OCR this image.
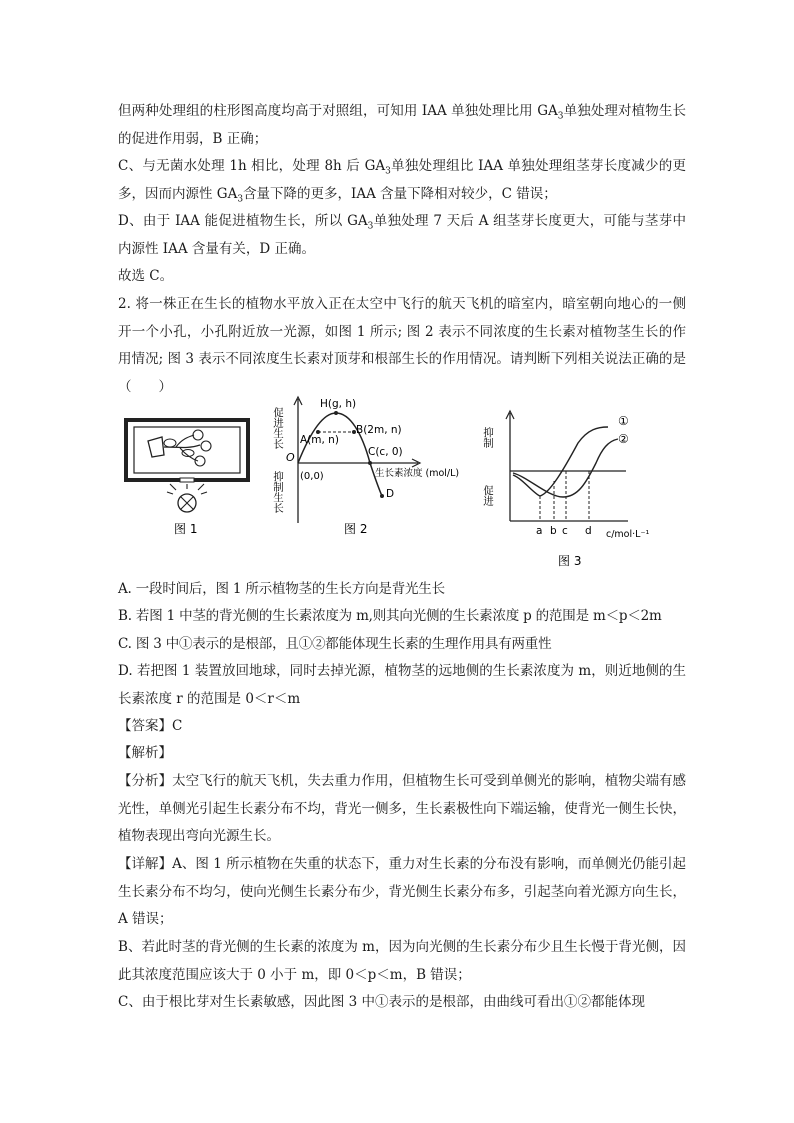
但两种处理组的柱形图高度均高于对照组，可知用 IAA 单独处理比用 $GA_3$单独处理对植物生长的促进作用弱，B 正确；

C、与无菌水处理 1h 相比，处理 8h 后 $GA_3$单独处理组比 IAA 单独处理组茎芽长度减少的更多，因而内源性 $GA_3$含量下降的更多，IAA 含量下降相对较少，C 错误；

D、由于 IAA 能促进植物生长，所以 $GA_3$单独处理 7 天后 A 组茎芽长度更大，可能与茎芽中内源性 IAA 含量有关，D 正确。

故选 C。

2. 将一株正在生长的植物水平放入正在太空中飞行的航天飞机的暗室内，暗室朝向地心的一侧开一个小孔，小孔附近放一光源，如图 1 所示; 图 2 表示不同浓度的生长素对植物茎生长的作用情况; 图 3 表示不同浓度生长素对顶芽和根部生长的作用情况。请判断下列相关说法正确的是（　　）

图 1
促进生长
抑制生长
O
(0,0)
H(g, h)
A(m, n)
B(2m, n)
C(c, 0)
生长素浓度 (mol/L)
D
图 2
抑制
促进
a b c d c/mol·L⁻¹
①
②
图 3

A. 一段时间后，图 1 所示植物茎的生长方向是背光生长

B. 若图 1 中茎的背光侧的生长素浓度为 m,则其向光侧的生长素浓度 p 的范围是 m＜p＜2m

C. 图 3 中①表示的是根部，且①②都能体现生长素的生理作用具有两重性

D. 若把图 1 装置放回地球，同时去掉光源，植物茎的远地侧的生长素浓度为 m，则近地侧的生长素浓度 r 的范围是 0＜r＜m

【答案】C

【解析】

【分析】太空飞行的航天飞机，失去重力作用，但植物生长可受到单侧光的影响，植物尖端有感光性，单侧光引起生长素分布不均，背光一侧多，生长素极性向下端运输，使背光一侧生长快，植物表现出弯向光源生长。

【详解】A、图 1 所示植物在失重的状态下，重力对生长素的分布没有影响，而单侧光仍能引起生长素分布不均匀，使向光侧生长素分布少，背光侧生长素分布多，引起茎向着光源方向生长，A 错误；

B、若此时茎的背光侧的生长素的浓度为 m，因为向光侧的生长素分布少且生长慢于背光侧，因此其浓度范围应该大于 0 小于 m，即 0＜p＜m，B 错误；

C、由于根比芽对生长素敏感，因此图 3 中①表示的是根部，由曲线可看出①②都能体现
